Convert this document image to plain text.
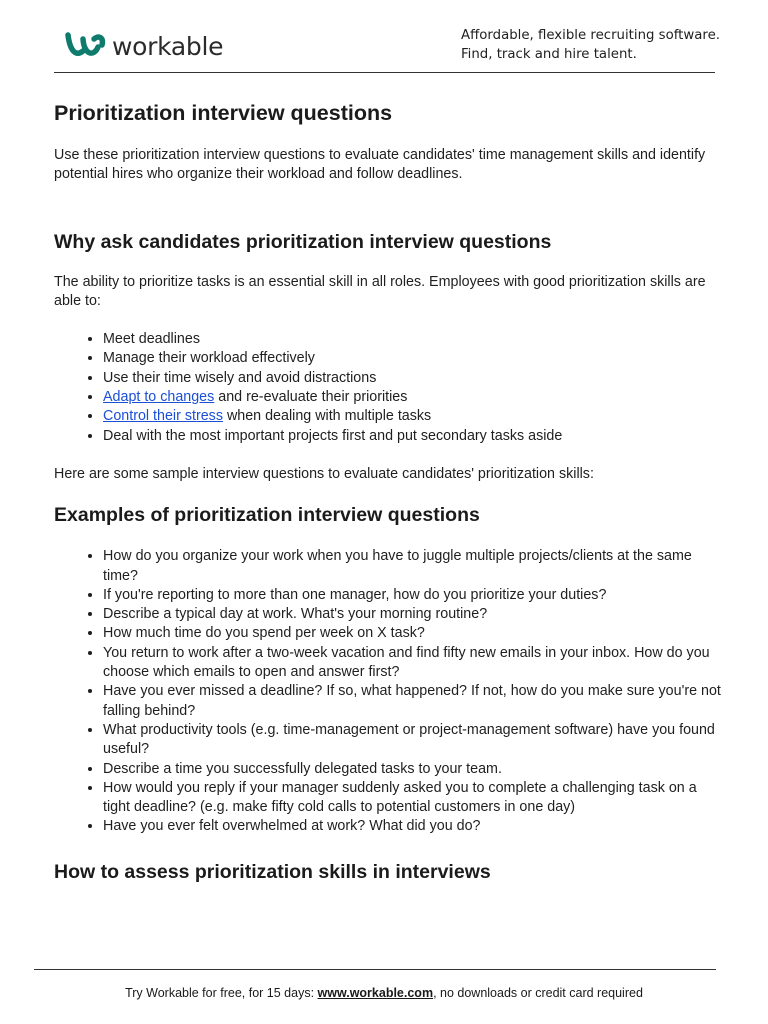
workable	Affordable, flexible recruiting software.
Find, track and hire talent.
Prioritization interview questions

Use these prioritization interview questions to evaluate candidates' time management skills and identify potential hires who organize their workload and follow deadlines.

Why ask candidates prioritization interview questions

The ability to prioritize tasks is an essential skill in all roles. Employees with good prioritization skills are able to:

• Meet deadlines
• Manage their workload effectively
• Use their time wisely and avoid distractions
• Adapt to changes and re-evaluate their priorities
• Control their stress when dealing with multiple tasks
• Deal with the most important projects first and put secondary tasks aside

Here are some sample interview questions to evaluate candidates' prioritization skills:

Examples of prioritization interview questions
• How do you organize your work when you have to juggle multiple projects/clients at the same time?
• If you're reporting to more than one manager, how do you prioritize your duties?
• Describe a typical day at work. What's your morning routine?
• How much time do you spend per week on X task?
• You return to work after a two-week vacation and find fifty new emails in your inbox. How do you choose which emails to open and answer first?
• Have you ever missed a deadline? If so, what happened? If not, how do you make sure you're not falling behind?
• What productivity tools (e.g. time-management or project-management software) have you found useful?
• Describe a time you successfully delegated tasks to your team.
• How would you reply if your manager suddenly asked you to complete a challenging task on a tight deadline? (e.g. make fifty cold calls to potential customers in one day)
• Have you ever felt overwhelmed at work? What did you do?
How to assess prioritization skills in interviews
Try Workable for free, for 15 days: www.workable.com, no downloads or credit card required
